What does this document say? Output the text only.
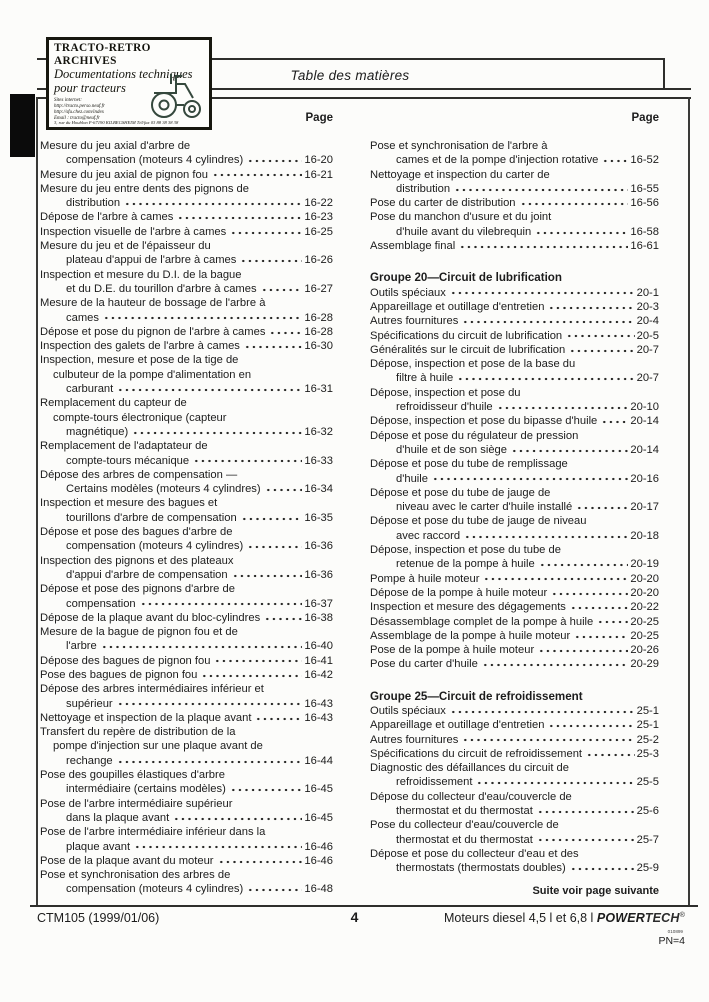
Table des matières
Page	Page
Mesure du jeu axial d'arbre de
compensation (moteurs 4 cylindres)	16-20
Mesure du jeu axial de pignon fou	16-21
Mesure du jeu entre dents des pignons de
distribution	16-22
Dépose de l'arbre à cames	16-23
Inspection visuelle de l'arbre à cames	16-25
Mesure du jeu et de l'épaisseur du
plateau d'appui de l'arbre à cames	16-26
Inspection et mesure du D.I. de la bague
et du D.E. du tourillon d'arbre à cames	16-27
Mesure de la hauteur de bossage de l'arbre à
cames	16-28
Dépose et pose du pignon de l'arbre à cames	16-28
Inspection des galets de l'arbre à cames	16-30
Inspection, mesure et pose de la tige de
culbuteur de la pompe d'alimentation en
carburant	16-31
Remplacement du capteur de
compte-tours électronique (capteur
magnétique)	16-32
Remplacement de l'adaptateur de
compte-tours mécanique	16-33
Dépose des arbres de compensation —
Certains modèles (moteurs 4 cylindres)	16-34
Inspection et mesure des bagues et
tourillons d'arbre de compensation	16-35
Dépose et pose des bagues d'arbre de
compensation (moteurs 4 cylindres)	16-36
Inspection des pignons et des plateaux
d'appui d'arbre de compensation	16-36
Dépose et pose des pignons d'arbre de
compensation	16-37
Dépose de la plaque avant du bloc-cylindres	16-38
Mesure de la bague de pignon fou et de
l'arbre	16-40
Dépose des bagues de pignon fou	16-41
Pose des bagues de pignon fou	16-42
Dépose des arbres intermédiaires inférieur et
supérieur	16-43
Nettoyage et inspection de la plaque avant	16-43
Transfert du repère de distribution de la
pompe d'injection sur une plaque avant de
rechange	16-44
Pose des goupilles élastiques d'arbre
intermédiaire (certains modèles)	16-45
Pose de l'arbre intermédiaire supérieur
dans la plaque avant	16-45
Pose de l'arbre intermédiaire inférieur dans la
plaque avant	16-46
Pose de la plaque avant du moteur	16-46
Pose et synchronisation des arbres de
compensation (moteurs 4 cylindres)	16-48
Pose et synchronisation de l'arbre à
cames et de la pompe d'injection rotative	16-52
Nettoyage et inspection du carter de
distribution	16-55
Pose du carter de distribution	16-56
Pose du manchon d'usure et du joint
d'huile avant du vilebrequin	16-58
Assemblage final	16-61
Groupe 20—Circuit de lubrification
Outils spéciaux	20-1
Appareillage et outillage d'entretien	20-3
Autres fournitures	20-4
Spécifications du circuit de lubrification	20-5
Généralités sur le circuit de lubrification	20-7
Dépose, inspection et pose de la base du
filtre à huile	20-7
Dépose, inspection et pose du
refroidisseur d'huile	20-10
Dépose, inspection et pose du bipasse d'huile	20-14
Dépose et pose du régulateur de pression
d'huile et de son siège	20-14
Dépose et pose du tube de remplissage
d'huile	20-16
Dépose et pose du tube de jauge de
niveau avec le carter d'huile installé	20-17
Dépose et pose du tube de jauge de niveau
avec raccord	20-18
Dépose, inspection et pose du tube de
retenue de la pompe à huile	20-19
Pompe à huile moteur	20-20
Dépose de la pompe à huile moteur	20-20
Inspection et mesure des dégagements	20-22
Désassemblage complet de la pompe à huile	20-25
Assemblage de la pompe à huile moteur	20-25
Pose de la pompe à huile moteur	20-26
Pose du carter d'huile	20-29
Groupe 25—Circuit de refroidissement
Outils spéciaux	25-1
Appareillage et outillage d'entretien	25-1
Autres fournitures	25-2
Spécifications du circuit de refroidissement	25-3
Diagnostic des défaillances du circuit de
refroidissement	25-5
Dépose du collecteur d'eau/couvercle de
thermostat et du thermostat	25-6
Pose du collecteur d'eau/couvercle de
thermostat et du thermostat	25-7
Dépose et pose du collecteur d'eau et des
thermostats (thermostats doubles)	25-9
Suite voir page suivante
CTM105 (1999/01/06)	4	Moteurs diesel 4,5 l et 6,8 l POWERTECH®
010899
PN=4
TRACTO-RETRO ARCHIVES
Documentations techniques
pour tracteurs
Sites internet:
http://tracto.perso.neuf.fr
http://sfu.chez.com/index
Email : tracto@neuf.fr
3, rue du Houblon F-67190 KILBEGSHEIM Tél/fax 03 88 38 38 38
